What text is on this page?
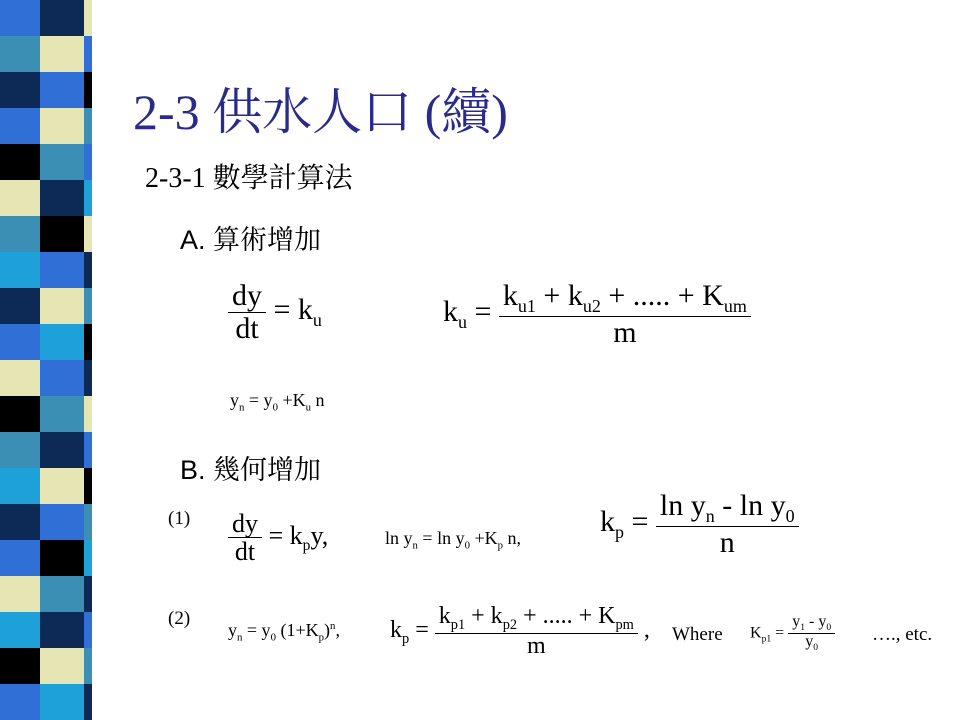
2-3 供水人口 (續)
2-3-1 數學計算法
A. 算術增加
$\frac{dy}{dt} = k_u$	$k_u = \frac{k_{u1} + k_{u2} + ..... + K_{um}}{m}$
$y_n = y_0 +K_u$ n
B. 幾何增加
$(1) \frac{dy}{dt} = k_py$,	$\ln y_n = \ln y_0 +K_p$ n,	$k_p = \frac{\ln y_n - \ln y_0}{n}$
(2)
$y_n = y_0$ $(1+K_p)^n$, $k_p = \frac{k_{p1} + k_{p2} + ..... + K_{pm}}{m}$ , Where $K_{p1} = \frac{y_1 - y_0}{y_0}$ …., etc.
